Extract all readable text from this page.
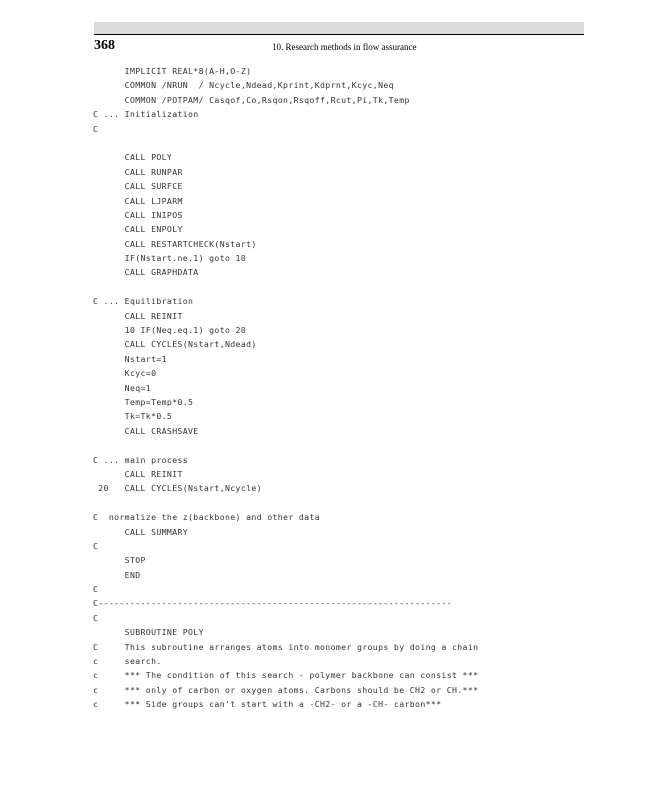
368	10. Research methods in flow assurance
IMPLICIT REAL*8(A-H,O-Z)
COMMON /NRUN  / Ncycle,Ndead,Kprint,Kdprnt,Kcyc,Neq
COMMON /POTPAM/ Casqof,Co,Rsqon,Rsqoff,Rcut,Pi,Tk,Temp
C ... Initialization
C
CALL POLY
CALL RUNPAR
CALL SURFCE
CALL LJPARM
CALL INIPOS
CALL ENPOLY
CALL RESTARTCHECK(Nstart)
IF(Nstart.ne.1) goto 10
CALL GRAPHDATA
C ... Equilibration
CALL REINIT
10 IF(Neq.eq.1) goto 20
CALL CYCLES(Nstart,Ndead)
Nstart=1
Kcyc=0
Neq=1
Temp=Temp*0.5
Tk=Tk*0.5
CALL CRASHSAVE
C ... main process
CALL REINIT
20   CALL CYCLES(Nstart,Ncycle)
C  normalize the z(backbone) and other data
CALL SUMMARY
C
STOP
END
C
C-------------------------------------------------------------------
C
SUBROUTINE POLY
C     This subroutine arranges atoms into monomer groups by doing a chain
c     search.
c     *** The condition of this search - polymer backbone can consist ***
c     *** only of carbon or oxygen atoms. Carbons should be CH2 or CH.***
c     *** Side groups can't start with a -CH2- or a -CH- carbon***
